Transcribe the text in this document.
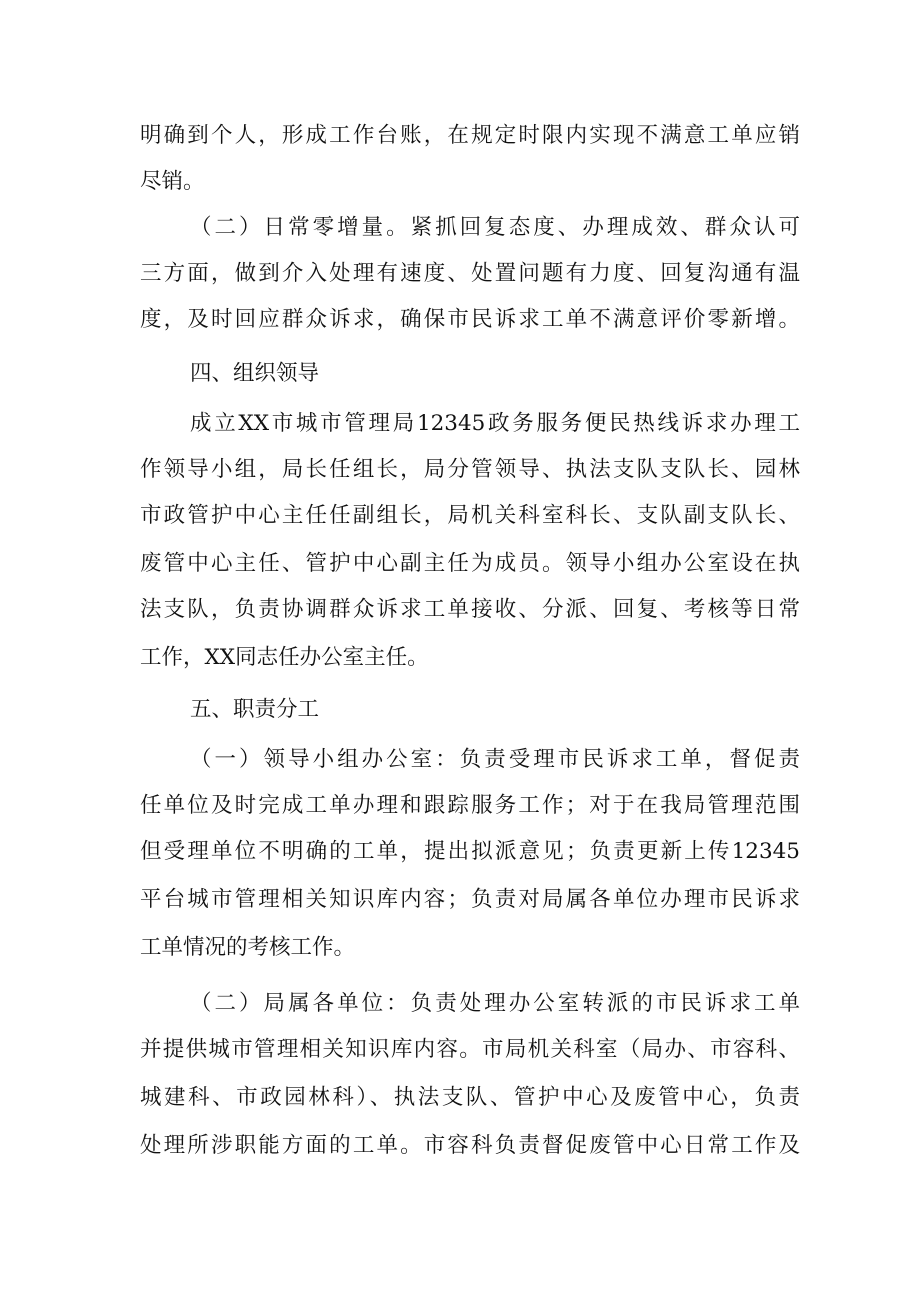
明确到个人，形成工作台账，在规定时限内实现不满意工单应销
尽销。
（二）日常零增量。紧抓回复态度、办理成效、群众认可
三方面，做到介入处理有速度、处置问题有力度、回复沟通有温
度，及时回应群众诉求，确保市民诉求工单不满意评价零新增。
四、组织领导
成立XX市城市管理局12345政务服务便民热线诉求办理工
作领导小组，局长任组长，局分管领导、执法支队支队长、园林
市政管护中心主任任副组长，局机关科室科长、支队副支队长、
废管中心主任、管护中心副主任为成员。领导小组办公室设在执
法支队，负责协调群众诉求工单接收、分派、回复、考核等日常
工作，XX同志任办公室主任。
五、职责分工
（一）领导小组办公室：负责受理市民诉求工单，督促责
任单位及时完成工单办理和跟踪服务工作；对于在我局管理范围
但受理单位不明确的工单，提出拟派意见；负责更新上传12345
平台城市管理相关知识库内容；负责对局属各单位办理市民诉求
工单情况的考核工作。
（二）局属各单位：负责处理办公室转派的市民诉求工单
并提供城市管理相关知识库内容。市局机关科室（局办、市容科、
城建科、市政园林科）、执法支队、管护中心及废管中心，负责
处理所涉职能方面的工单。市容科负责督促废管中心日常工作及
